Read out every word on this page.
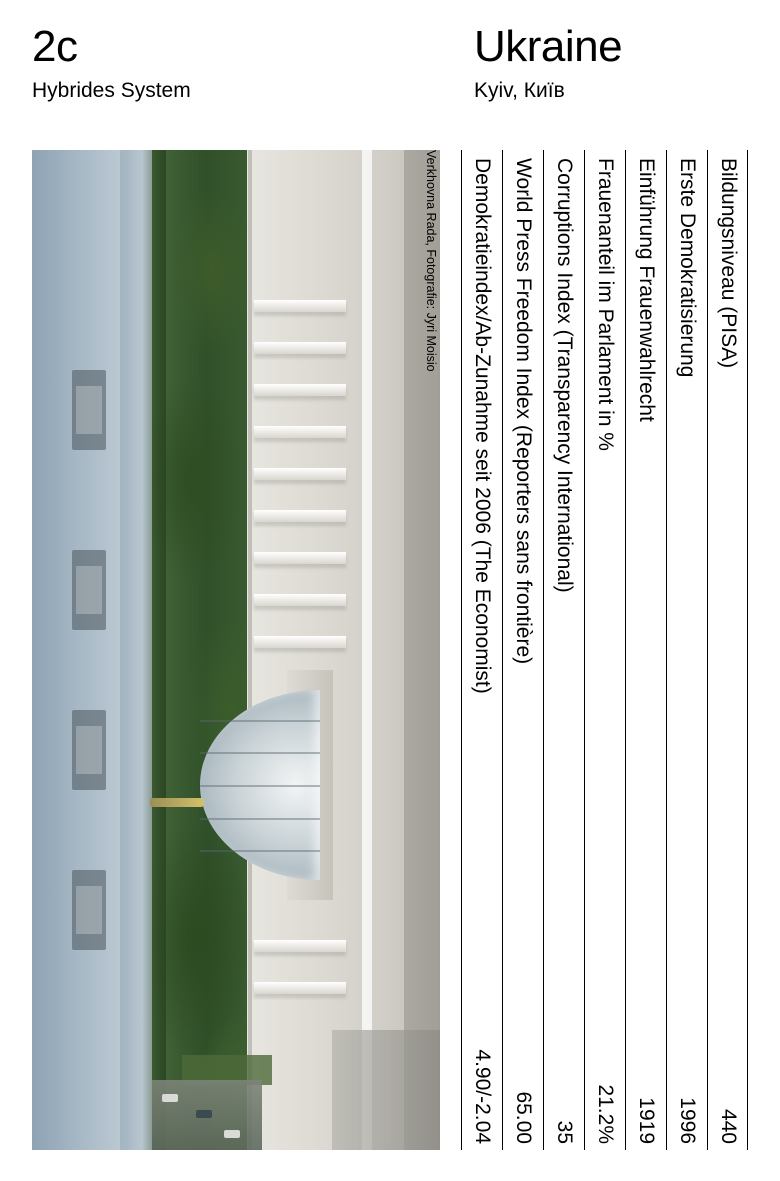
2c
Hybrides System
Ukraine
Kyiv, Київ
Verkhovna Rada, Fotografie: Jyri Moisio	Bildungsniveau (PISA)
440
Erste Demokratisierung
1996
Einführung Frauenwahlrecht
1919
Frauenanteil im Parlament in %
21.2%
Corruptions Index (Transparency International)
35
World Press Freedom Index (Reporters sans frontière)
65.00
Demokratieindex/Ab-Zunahme seit 2006 (The Economist)
4.90/-2.04
